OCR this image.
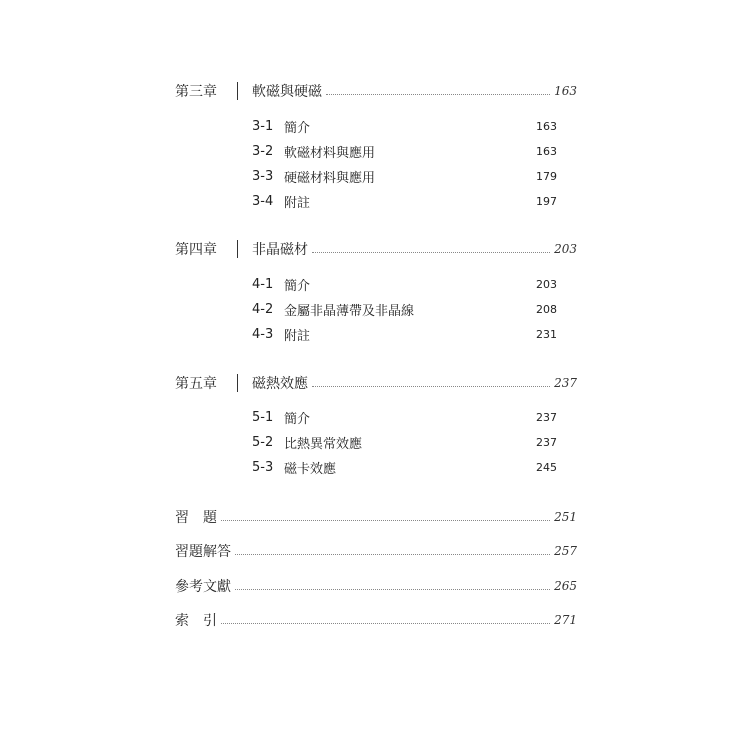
第三章	軟磁與硬磁	163
3-1 簡介	163
3-2 軟磁材料與應用	163
3-3 硬磁材料與應用	179
3-4 附註	197
第四章	非晶磁材	203
4-1 簡介	203
4-2 金屬非晶薄帶及非晶線	208
4-3 附註	231
第五章	磁熱效應	237
5-1 簡介	237
5-2 比熱異常效應	237
5-3 磁卡效應	245
習　題	251
習題解答	257
參考文獻	265
索　引	271
